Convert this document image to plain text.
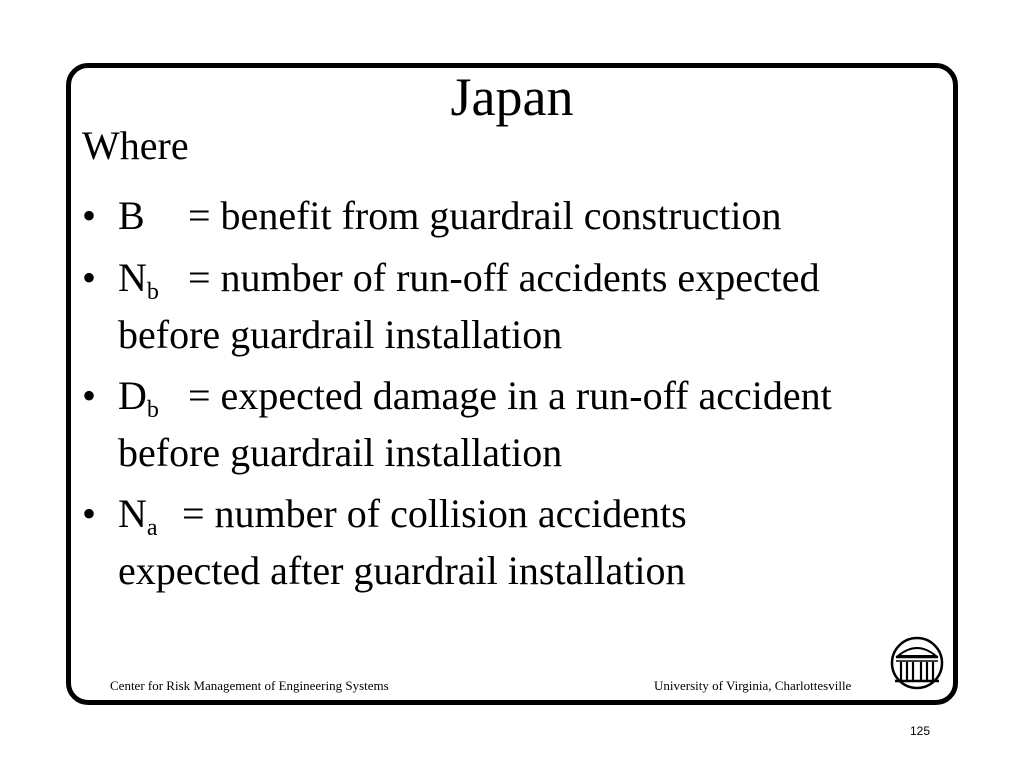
Japan
Where
• B = benefit from guardrail construction
• $N_b$ = number of run-off accidents expected
before guardrail installation
• $D_b$ = expected damage in a run-off accident
before guardrail installation
• $N_a$ = number of collision accidents
expected after guardrail installation
Center for Risk Management of Engineering Systems	University of Virginia, Charlottesville
125
